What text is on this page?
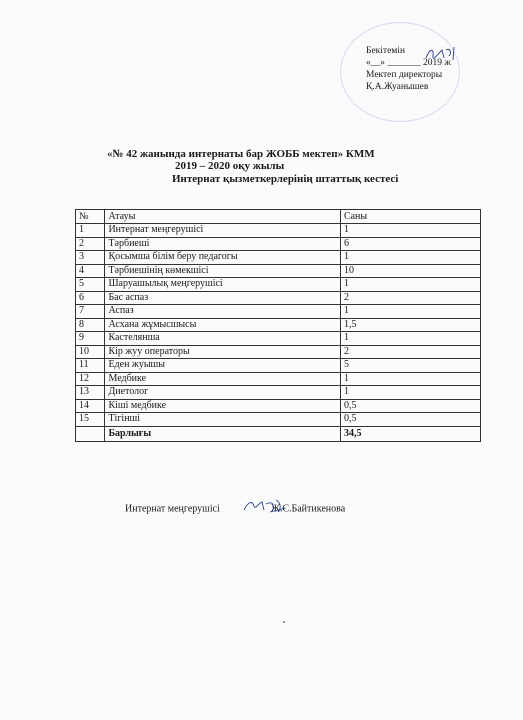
Бекітемін
«__» _______ 2019 ж
Мектеп директоры
Қ.А.Жуанышев
«№ 42 жанында интернаты бар ЖОББ мектеп» КММ
2019 – 2020 оқу жылы
Интернат қызметкерлерінің штаттық кестесі
№	Атауы	Саны
1	Интернат меңгерушісі	1
2	Тәрбиеші	6
3	Қосымша білім беру педагогы	1
4	Тәрбиешінің көмекшісі	10
5	Шаруашылық меңгерушісі	1
6	Бас аспаз	2
7	Аспаз	1
8	Асхана жұмысшысы	1,5
9	Кастелянша	1
10	Кір жуу операторы	2
11	Еден жуышы	5
12	Медбике	1
13	Диетолог	1
14	Кіші медбике	0,5
15	Тігінші	0,5
	Барлығы	34,5
Интернат меңгерушісі	Ж.С.Байтикенова
